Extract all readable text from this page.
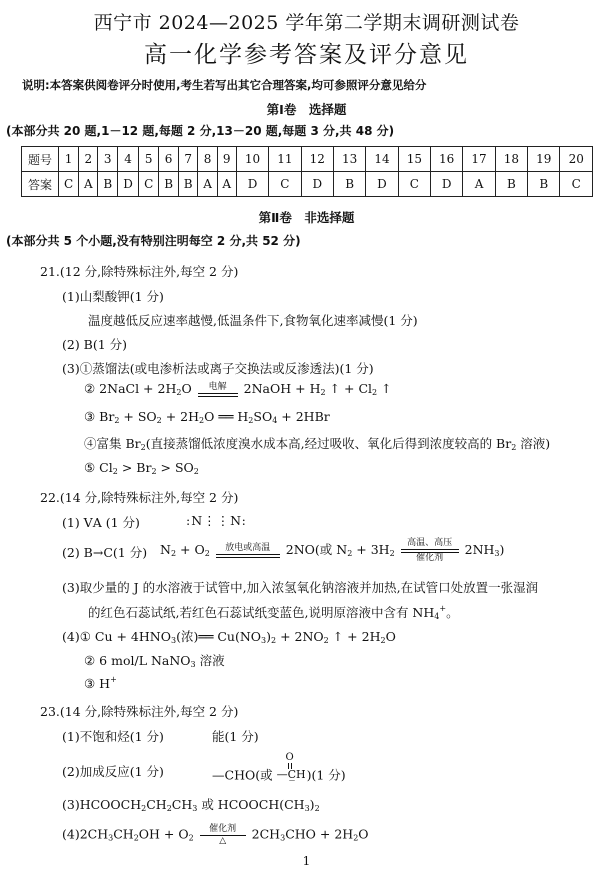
西宁市 2024—2025 学年第二学期末调研测试卷
高一化学参考答案及评分意见
说明:本答案供阅卷评分时使用,考生若写出其它合理答案,均可参照评分意见给分
第Ⅰ卷　选择题
(本部分共 20 题,1－12 题,每题 2 分,13－20 题,每题 3 分,共 48 分)
题号	1	2	3	4	5	6	7	8	9	10	11	12	13	14	15	16	17	18	19	20
答案	C	A	B	D	C	B	B	A	A	D	C	D	B	D	C	D	A	B	B	C
第Ⅱ卷　非选择题
(本部分共 5 个小题,没有特别注明每空 2 分,共 52 分)
21.(12 分,除特殊标注外,每空 2 分)
(1)山梨酸钾(1 分)
温度越低反应速率越慢,低温条件下,食物氧化速率减慢(1 分)
(2) B(1 分)
(3)①蒸馏法(或电渗析法或离子交换法或反渗透法)(1 分)
② 2NaCl + $2H_2O$	电解	2NaOH + $H_2$ ↑ + $Cl_2$ ↑
③ $Br_2 + SO_2 + 2H_2O$ ══ $H_2SO_4 + 2HBr$
④富集 $Br_2$(直接蒸馏低浓度溴水成本高,经过吸收、氧化后得到浓度较高的 $Br_2$ 溶液)
⑤ $Cl_2 > Br_2 > SO_2$
22.(14 分,除特殊标注外,每空 2 分)
(1) ⅤA (1 分)	:N⋮⋮N:
(2) B→C(1 分) $N_2 + O_2$
放电或高温 2NO(或 $N_2 + 3H_2$
高温、高压
催化剂
$2NH_3$)
(3)取少量的 J 的水溶液于试管中,加入浓氢氧化钠溶液并加热,在试管口处放置一张湿润
的红色石蕊试纸,若红色石蕊试纸变蓝色,说明原溶液中含有 $NH_4^+$。
(4)① $Cu + 4HNO_3$(浓)══ $Cu(NO_3)_2 + 2NO_2$ ↑ + $2H_2O$
② 6 mol/L NaNO$_3$ 溶液
③ H+
23.(14 分,除特殊标注外,每空 2 分)
(1)不饱和烃(1 分)	能(1 分)
(2)加成反应(1 分)	—CHO(或
O
—C̲H )(1 分)
$(3)HCOOCH_2CH_2CH_3$ 或 $HCOOCH(CH_3)_2$
$(4)2CH_3CH_2OH + O_2$
催化剂
△	$2CH_3CHO + 2H_2O$
1
